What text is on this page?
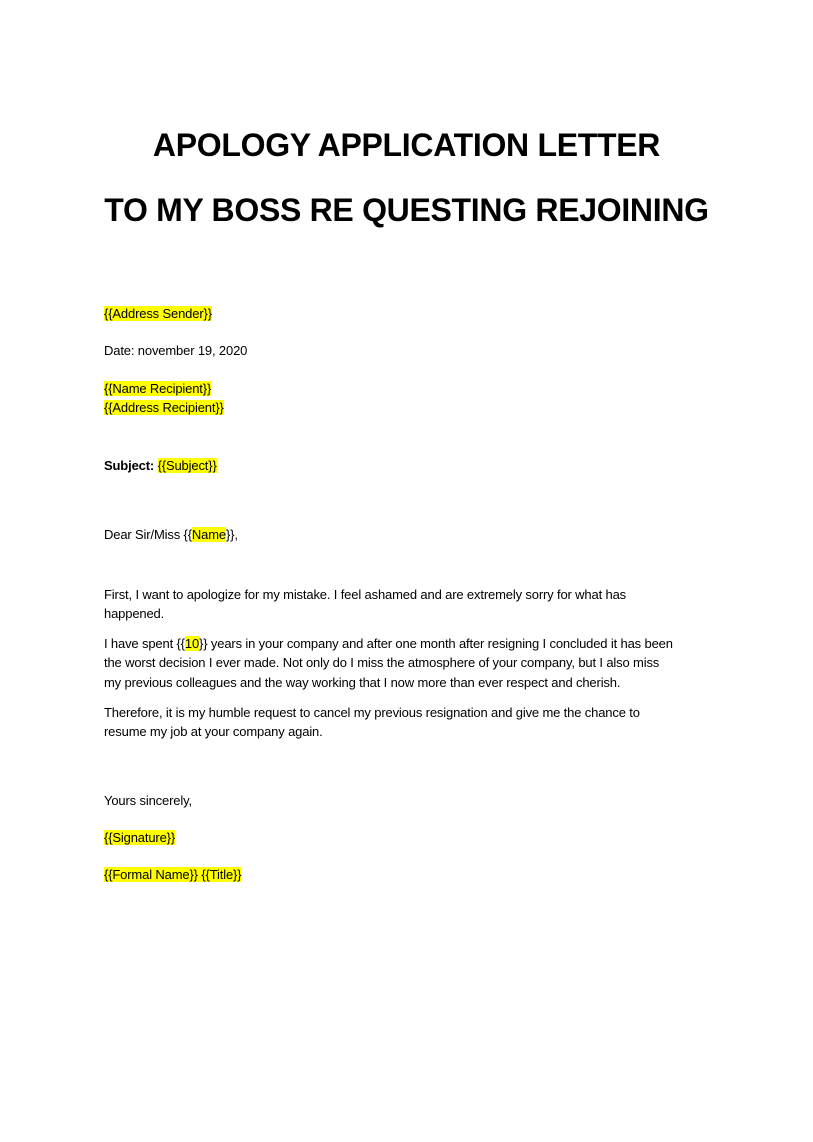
APOLOGY APPLICATION LETTER
TO MY BOSS RE QUESTING REJOINING
{{Address Sender}}
Date: november 19, 2020
{{Name Recipient}}
{{Address Recipient}}
Subject: {{Subject}}
Dear Sir/Miss {{Name}},
First, I want to apologize for my mistake. I feel ashamed and are extremely sorry for what has
happened.
I have spent {{10}} years in your company and after one month after resigning I concluded it has been
the worst decision I ever made. Not only do I miss the atmosphere of your company, but I also miss
my previous colleagues and the way working that I now more than ever respect and cherish.
Therefore, it is my humble request to cancel my previous resignation and give me the chance to
resume my job at your company again.
Yours sincerely,
{{Signature}}
{{Formal Name}} {{Title}}
